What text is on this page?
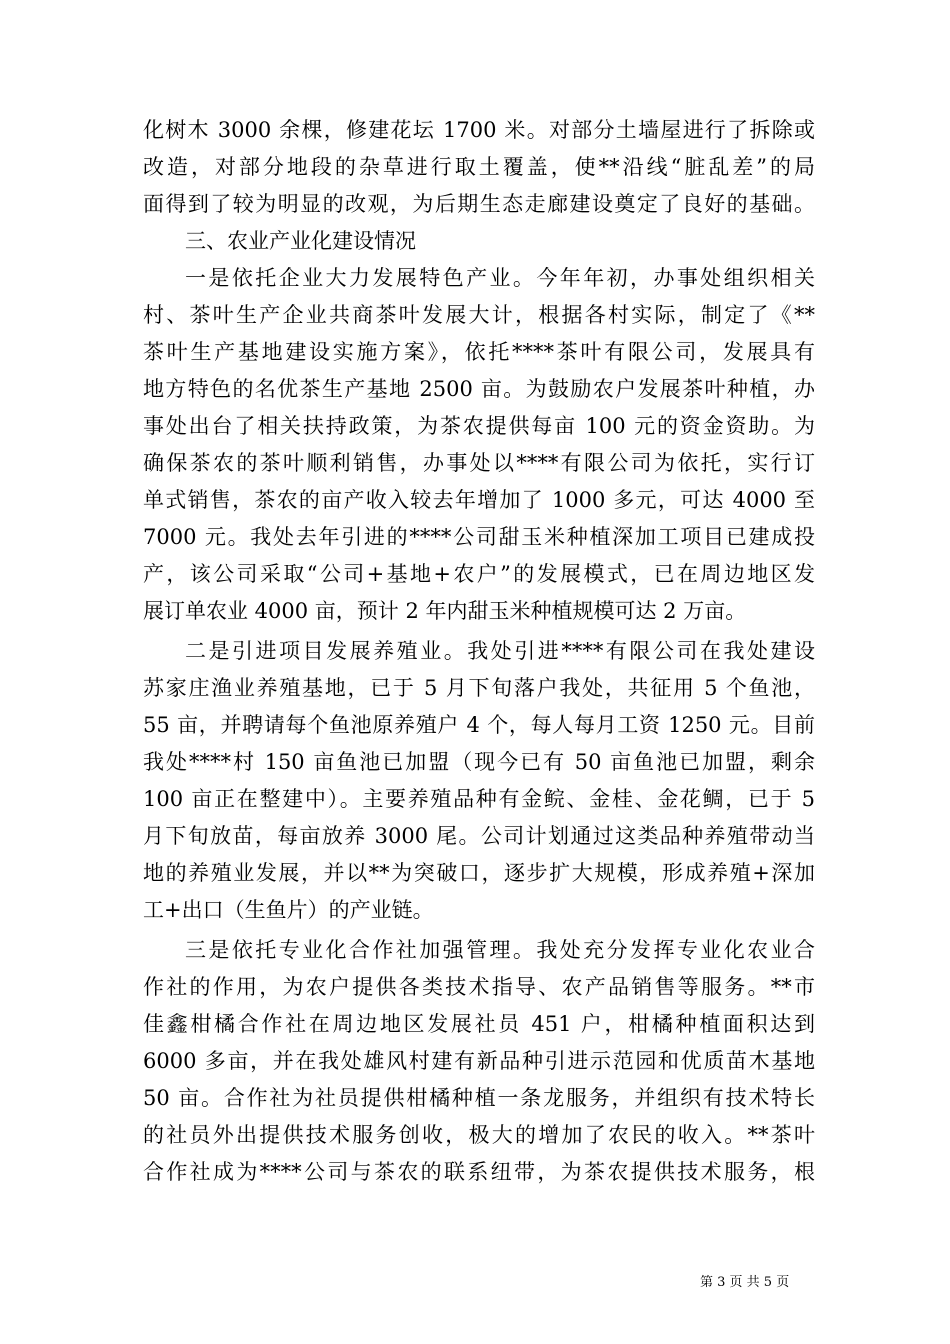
化树木 3000 余棵，修建花坛 1700 米。对部分土墙屋进行了拆除或
改造，对部分地段的杂草进行取土覆盖，使**沿线“脏乱差”的局
面得到了较为明显的改观，为后期生态走廊建设奠定了良好的基础。
三、农业产业化建设情况
一是依托企业大力发展特色产业。今年年初，办事处组织相关
村、茶叶生产企业共商茶叶发展大计，根据各村实际，制定了《**
茶叶生产基地建设实施方案》，依托****茶叶有限公司，发展具有
地方特色的名优茶生产基地 2500 亩。为鼓励农户发展茶叶种植，办
事处出台了相关扶持政策，为茶农提供每亩 100 元的资金资助。为
确保茶农的茶叶顺利销售，办事处以****有限公司为依托，实行订
单式销售，茶农的亩产收入较去年增加了 1000 多元，可达 4000 至
7000 元。我处去年引进的****公司甜玉米种植深加工项目已建成投
产，该公司采取“公司+基地+农户”的发展模式，已在周边地区发
展订单农业 4000 亩，预计 2 年内甜玉米种植规模可达 2 万亩。
二是引进项目发展养殖业。我处引进****有限公司在我处建设
苏家庄渔业养殖基地，已于 5 月下旬落户我处，共征用 5 个鱼池，
55 亩，并聘请每个鱼池原养殖户 4 个，每人每月工资 1250 元。目前
我处****村 150 亩鱼池已加盟（现今已有 50 亩鱼池已加盟，剩余
100 亩正在整建中）。主要养殖品种有金鲩、金桂、金花鲷，已于 5
月下旬放苗，每亩放养 3000 尾。公司计划通过这类品种养殖带动当
地的养殖业发展，并以**为突破口，逐步扩大规模，形成养殖+深加
工+出口（生鱼片）的产业链。
三是依托专业化合作社加强管理。我处充分发挥专业化农业合
作社的作用，为农户提供各类技术指导、农产品销售等服务。**市
佳鑫柑橘合作社在周边地区发展社员 451 户，柑橘种植面积达到
6000 多亩，并在我处雄风村建有新品种引进示范园和优质苗木基地
50 亩。合作社为社员提供柑橘种植一条龙服务，并组织有技术特长
的社员外出提供技术服务创收，极大的增加了农民的收入。**茶叶
合作社成为****公司与茶农的联系纽带，为茶农提供技术服务，根
第 3 页 共 5 页
